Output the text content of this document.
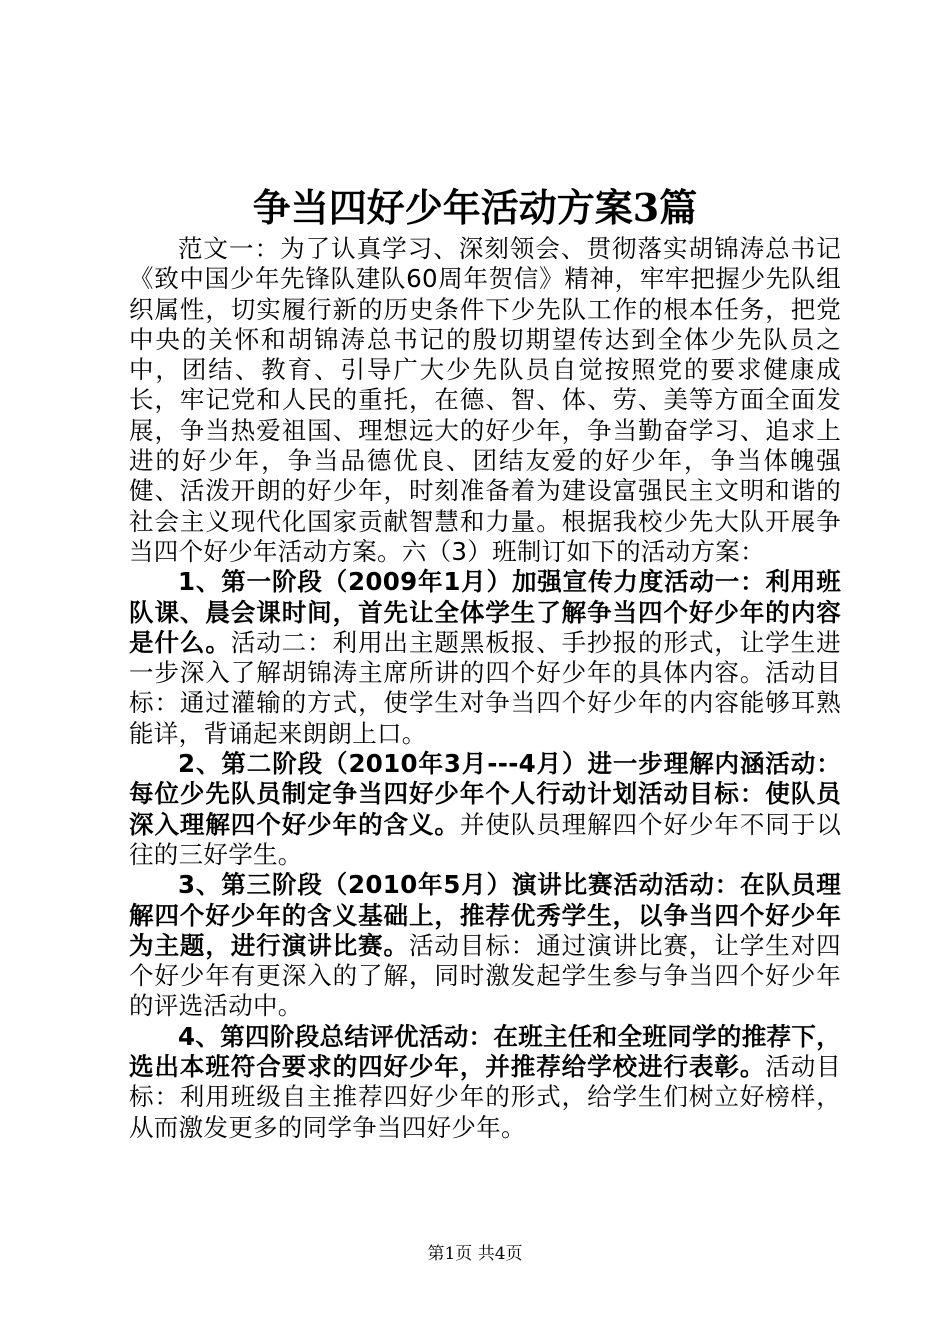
争当四好少年活动方案3篇

范文一：为了认真学习、深刻领会、贯彻落实胡锦涛总书记《致中国少年先锋队建队60周年贺信》精神，牢牢把握少先队组织属性，切实履行新的历史条件下少先队工作的根本任务，把党中央的关怀和胡锦涛总书记的殷切期望传达到全体少先队员之中，团结、教育、引导广大少先队员自觉按照党的要求健康成长，牢记党和人民的重托，在德、智、体、劳、美等方面全面发展，争当热爱祖国、理想远大的好少年，争当勤奋学习、追求上进的好少年，争当品德优良、团结友爱的好少年，争当体魄强健、活泼开朗的好少年，时刻准备着为建设富强民主文明和谐的社会主义现代化国家贡献智慧和力量。根据我校少先大队开展争当四个好少年活动方案。六（3）班制订如下的活动方案：

1、第一阶段（2009年1月）加强宣传力度活动一：利用班队课、晨会课时间，首先让全体学生了解争当四个好少年的内容是什么。活动二：利用出主题黑板报、手抄报的形式，让学生进一步深入了解胡锦涛主席所讲的四个好少年的具体内容。活动目标：通过灌输的方式，使学生对争当四个好少年的内容能够耳熟能详，背诵起来朗朗上口。

2、第二阶段（2010年3月---4月）进一步理解内涵活动：每位少先队员制定争当四好少年个人行动计划活动目标：使队员深入理解四个好少年的含义。并使队员理解四个好少年不同于以往的三好学生。

3、第三阶段（2010年5月）演讲比赛活动活动：在队员理解四个好少年的含义基础上，推荐优秀学生，以争当四个好少年为主题，进行演讲比赛。活动目标：通过演讲比赛，让学生对四个好少年有更深入的了解，同时激发起学生参与争当四个好少年的评选活动中。

4、第四阶段总结评优活动：在班主任和全班同学的推荐下，选出本班符合要求的四好少年，并推荐给学校进行表彰。活动目标：利用班级自主推荐四好少年的形式，给学生们树立好榜样，从而激发更多的同学争当四好少年。

第1页 共4页
